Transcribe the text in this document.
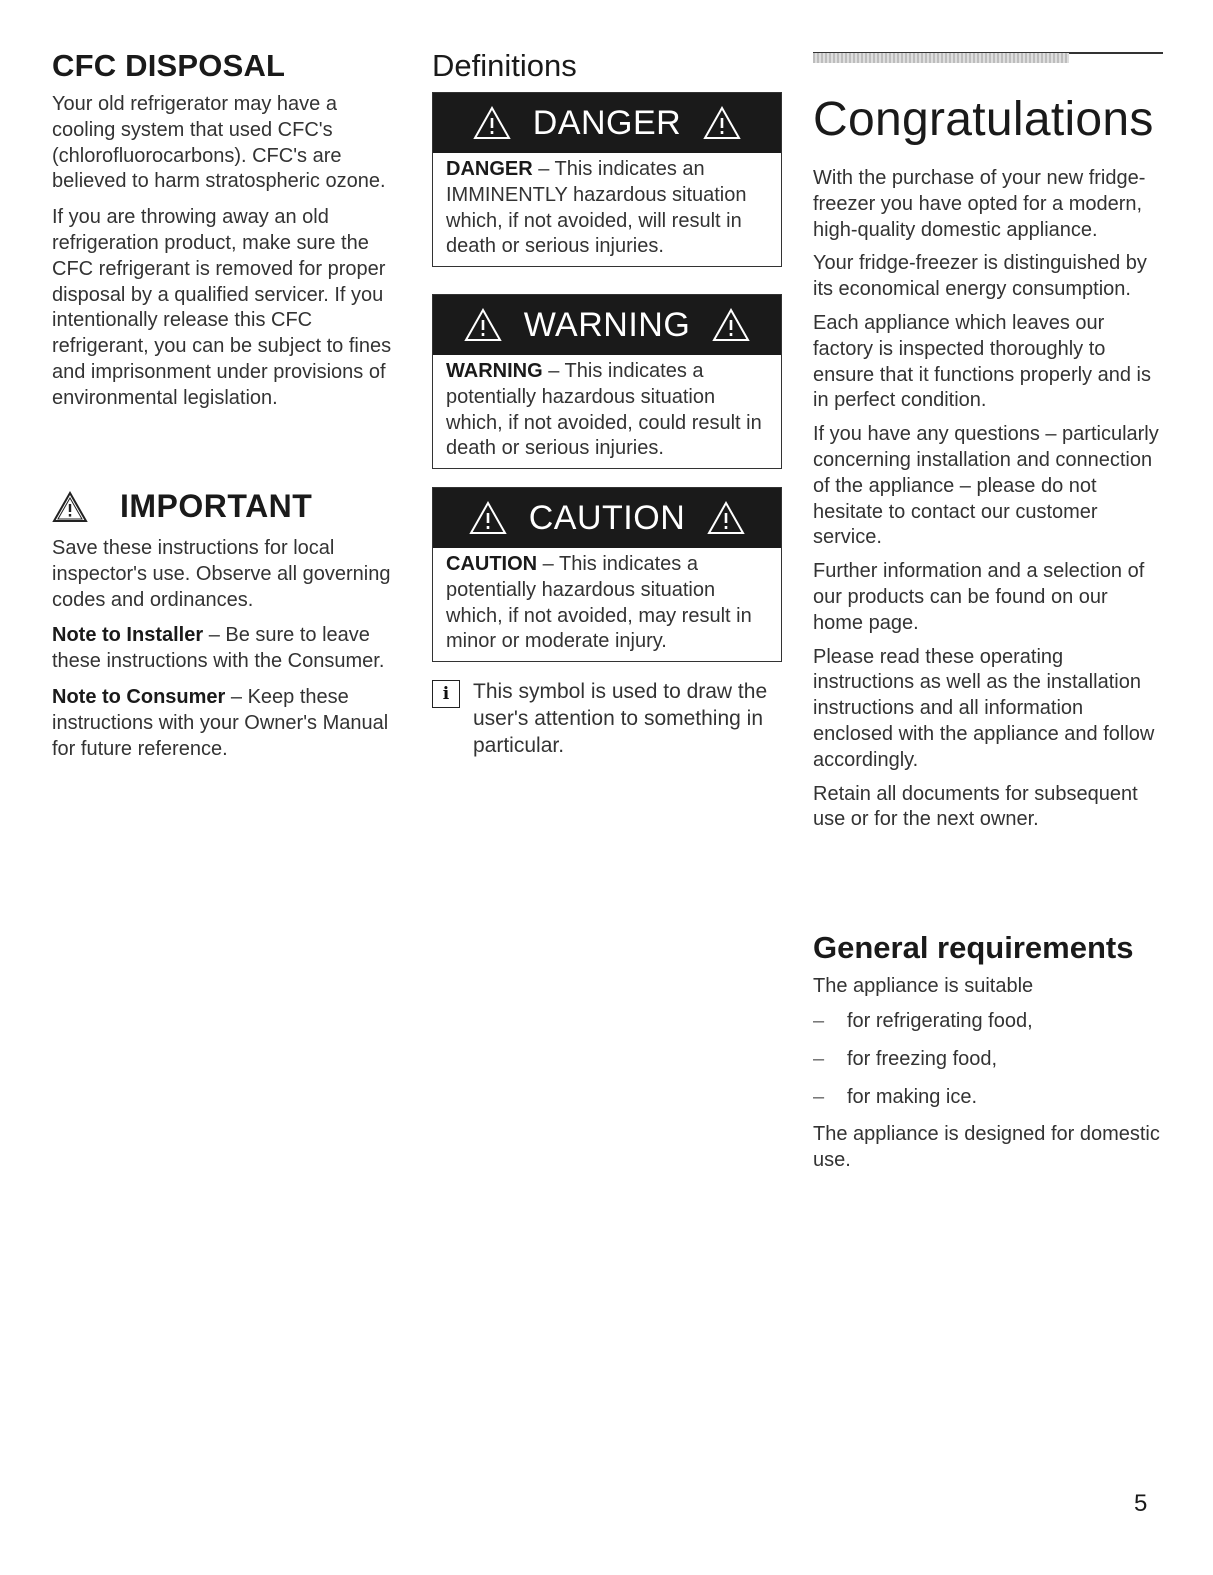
CFC DISPOSAL

Your old refrigerator may have a cooling system that used CFC's (chlorofluorocarbons). CFC's are believed to harm stratospheric ozone.

If you are throwing away an old refrigeration product, make sure the CFC refrigerant is removed for proper disposal by a qualified servicer. If you intentionally release this CFC refrigerant, you can be subject to fines and imprisonment under provisions of environmental legislation.

IMPORTANT

Save these instructions for local inspector's use. Observe all governing codes and ordinances.

Note to Installer – Be sure to leave these instructions with the Consumer.

Note to Consumer – Keep these instructions with your Owner's Manual for future reference.

Definitions
DANGER
DANGER – This indicates an IMMINENTLY hazardous situation which, if not avoided, will result in death or serious injuries.
WARNING
WARNING – This indicates a potentially hazardous situation which, if not avoided, could result in death or serious injuries.
CAUTION
CAUTION – This indicates a potentially hazardous situation which, if not avoided, may result in minor or moderate injury.
i	This symbol is used to draw the user's attention to something in particular.

Congratulations

With the purchase of your new fridge-freezer you have opted for a modern, high-quality domestic appliance.

Your fridge-freezer is distinguished by its economical energy consumption.

Each appliance which leaves our factory is inspected thoroughly to ensure that it functions properly and is in perfect condition.

If you have any questions – particularly concerning installation and connection of the appliance – please do not hesitate to contact our customer service.

Further information and a selection of our products can be found on our home page.

Please read these operating instructions as well as the installation instructions and all information enclosed with the appliance and follow accordingly.

Retain all documents for subsequent use or for the next owner.

General requirements

The appliance is suitable

–	for refrigerating food,
–	for freezing food,
–	for making ice.

The appliance is designed for domestic use.

5
